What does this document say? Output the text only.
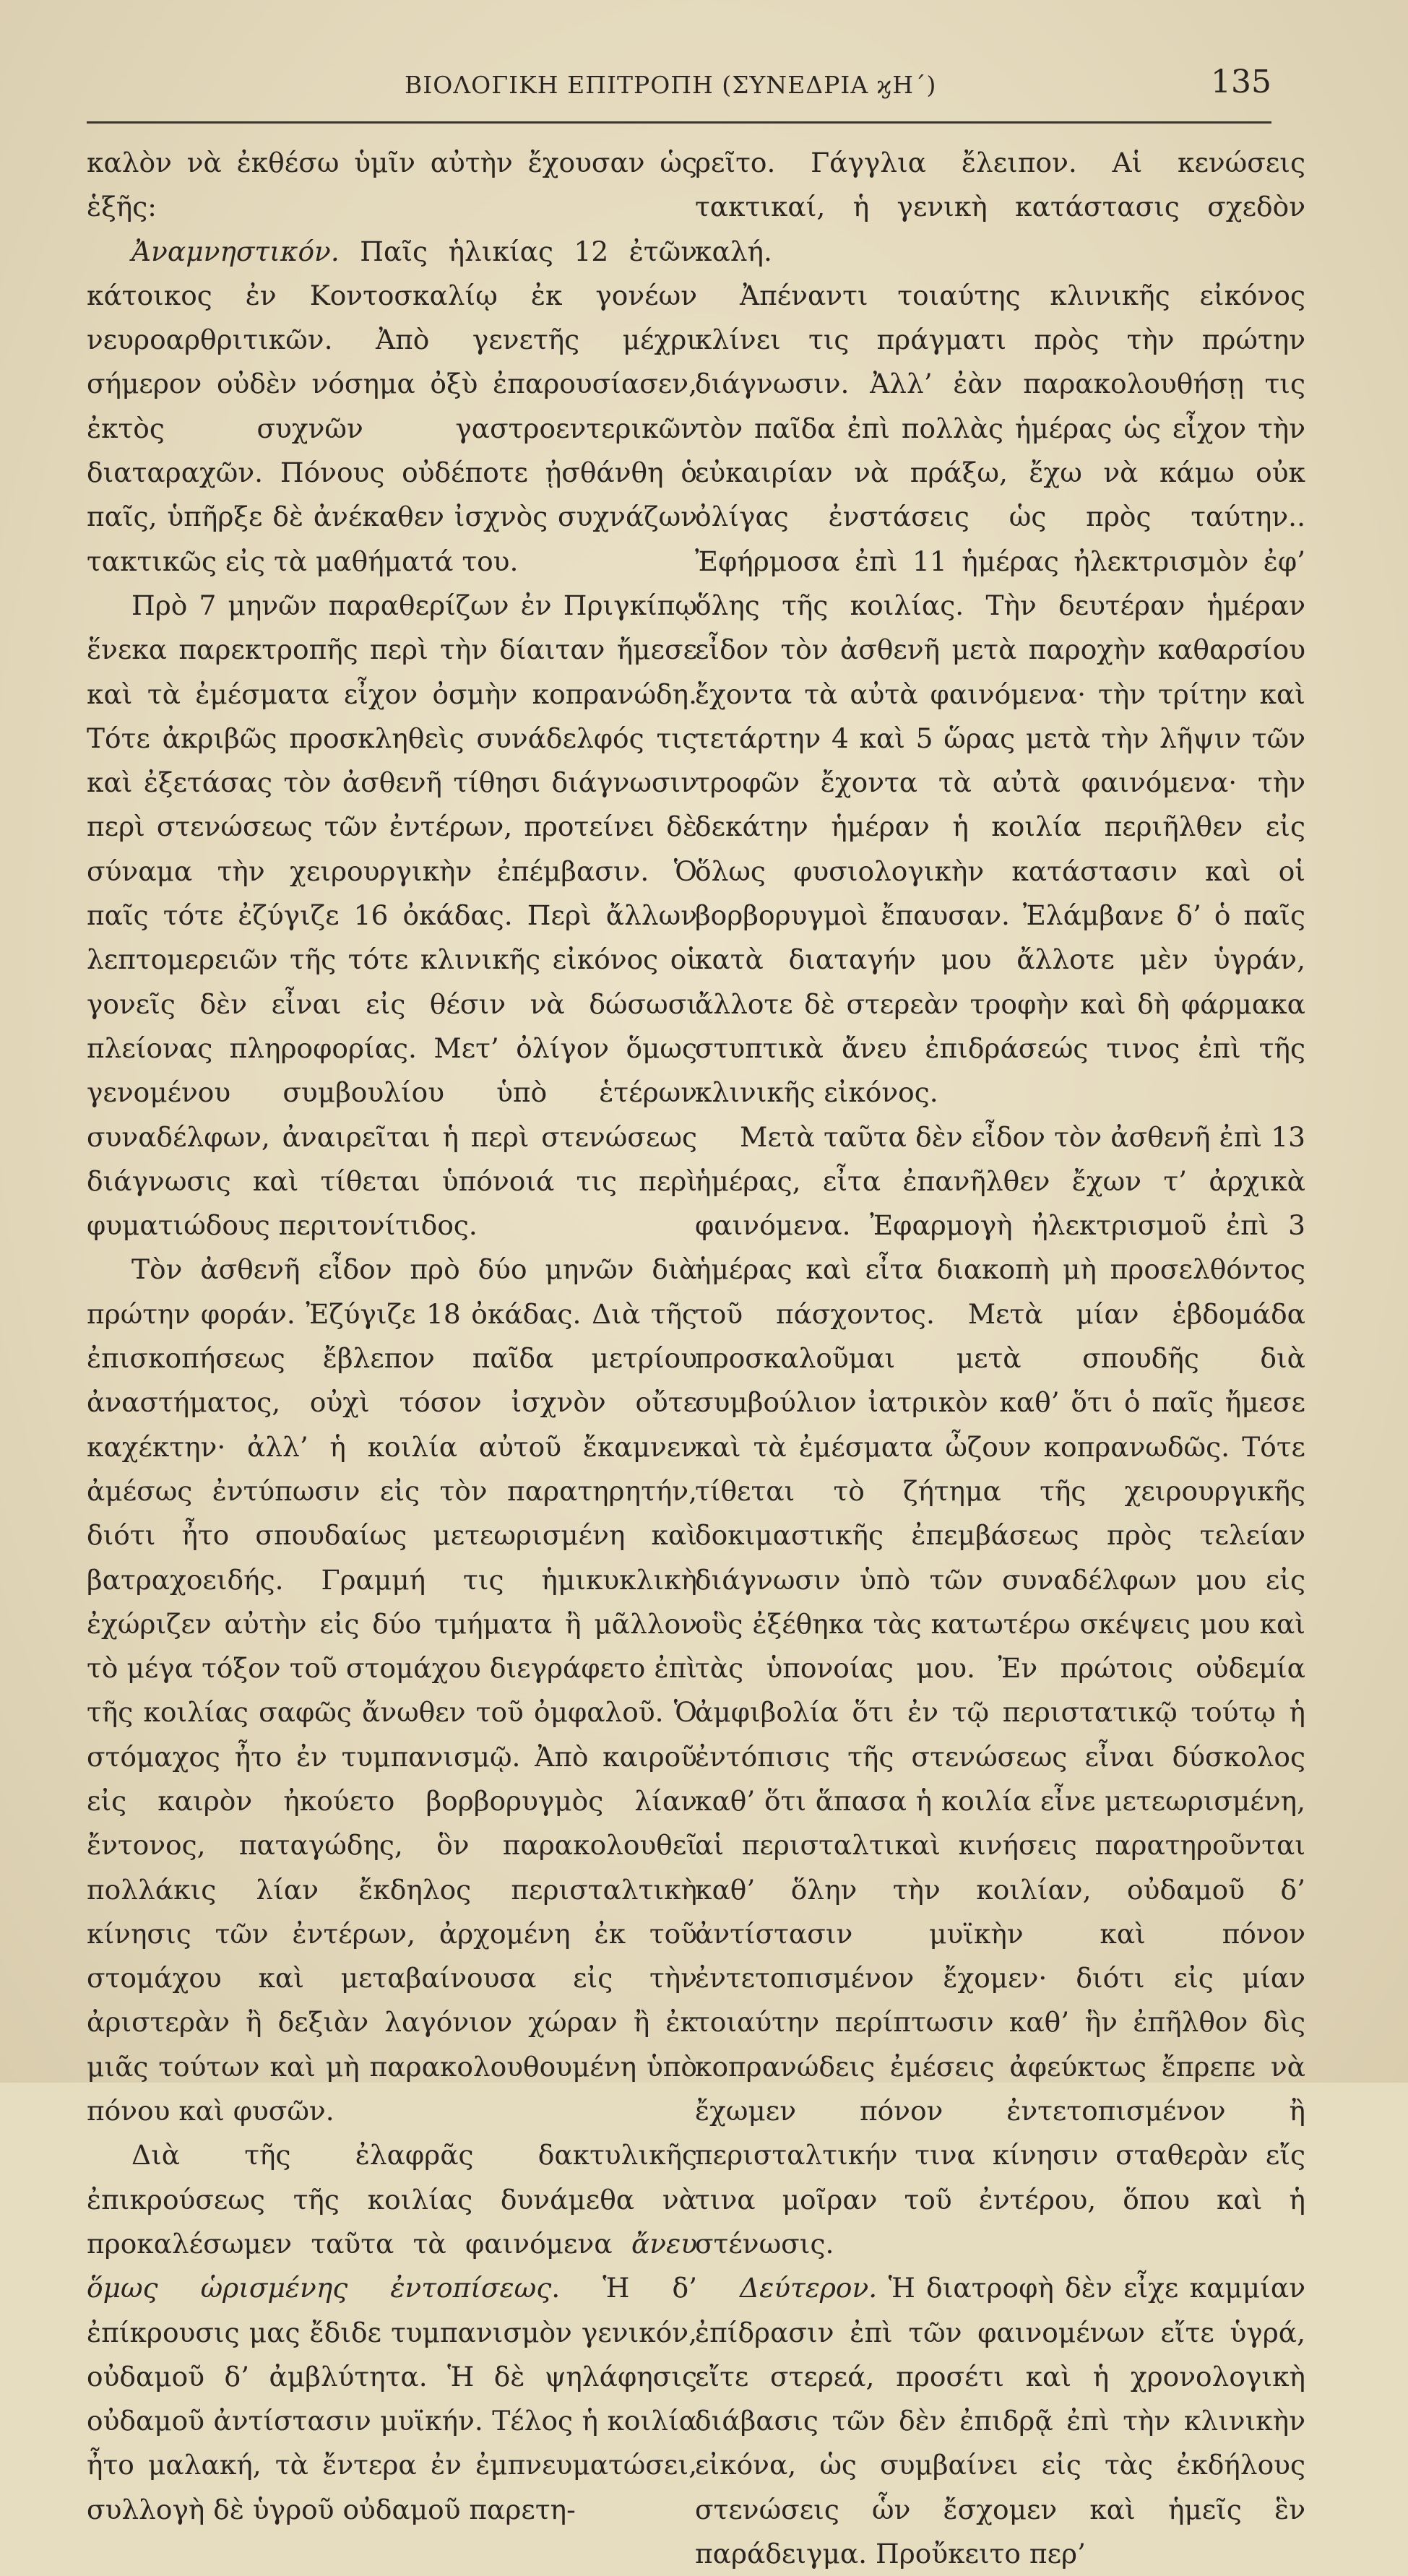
ΒΙΟΛΟΓΙΚΗ ΕΠΙΤΡΟΠΗ (ΣΥΝΕΔΡΙΑ ϗΗ΄)	135

καλὸν νὰ ἐκθέσω ὑμῖν αὐτὴν ἔχουσαν ὡς ἑξῆς:

Ἀναμνηστικόν. Παῖς ἡλικίας 12 ἐτῶν κάτοικος ἐν Κοντοσκαλίῳ ἐκ γονέων νευροαρθριτικῶν. Ἀπὸ γενετῆς μέχρι σήμερον οὐδὲν νόσημα ὀξὺ ἐπαρουσίασεν, ἐκτὸς συχνῶν γαστροεντερικῶν διαταραχῶν. Πόνους οὐδέποτε ᾐσθάνθη ὁ παῖς, ὑπῆρξε δὲ ἀνέκαθεν ἰσχνὸς συχνάζων τακτικῶς εἰς τὰ μαθήματά του.

Πρὸ 7 μηνῶν παραθερίζων ἐν Πριγκίπῳ ἕνεκα παρεκτροπῆς περὶ τὴν δίαιταν ἤμεσε καὶ τὰ ἐμέσματα εἶχον ὀσμὴν κοπρανώδη. Τότε ἀκριβῶς προσκληθεὶς συνάδελφός τις καὶ ἐξετάσας τὸν ἀσθενῆ τίθησι διάγνωσιν περὶ στενώσεως τῶν ἐντέρων, προτείνει δὲ σύναμα τὴν χειρουργικὴν ἐπέμβασιν. Ὁ παῖς τότε ἐζύγιζε 16 ὀκάδας. Περὶ ἄλλων λεπτομερειῶν τῆς τότε κλινικῆς εἰκόνος οἱ γονεῖς δὲν εἶναι εἰς θέσιν νὰ δώσωσι πλείονας πληροφορίας. Μετ’ ὀλίγον ὅμως γενομένου συμβουλίου ὑπὸ ἑτέρων συναδέλφων, ἀναιρεῖται ἡ περὶ στενώσεως διάγνωσις καὶ τίθεται ὑπόνοιά τις περὶ φυματιώδους περιτονίτιδος.

Τὸν ἀσθενῆ εἶδον πρὸ δύο μηνῶν διὰ πρώτην φοράν. Ἐζύγιζε 18 ὀκάδας. Διὰ τῆς ἐπισκοπήσεως ἔβλεπον παῖδα μετρίου ἀναστήματος, οὐχὶ τόσον ἰσχνὸν οὔτε καχέκτην· ἀλλ’ ἡ κοιλία αὐτοῦ ἔκαμνεν ἀμέσως ἐντύπωσιν εἰς τὸν παρατηρητήν, διότι ἦτο σπουδαίως μετεωρισμένη καὶ βατραχοειδής. Γραμμή τις ἡμικυκλικὴ ἐχώριζεν αὐτὴν εἰς δύο τμήματα ἢ μᾶλλον τὸ μέγα τόξον τοῦ στομάχου διεγράφετο ἐπὶ τῆς κοιλίας σαφῶς ἄνωθεν τοῦ ὀμφαλοῦ. Ὁ στόμαχος ἦτο ἐν τυμπανισμῷ. Ἀπὸ καιροῦ εἰς καιρὸν ἠκούετο βορβορυγμὸς λίαν ἔντονος, παταγώδης, ὃν παρακολουθεῖ πολλάκις λίαν ἔκδηλος περισταλτικὴ κίνησις τῶν ἐντέρων, ἀρχομένη ἐκ τοῦ στομάχου καὶ μεταβαίνουσα εἰς τὴν ἀριστερὰν ἢ δεξιὰν λαγόνιον χώραν ἢ ἐκ μιᾶς τούτων καὶ μὴ παρακολουθουμένη ὑπὸ πόνου καὶ φυσῶν.

Διὰ τῆς ἐλαφρᾶς δακτυλικῆς ἐπικρούσεως τῆς κοιλίας δυνάμεθα νὰ προκαλέσωμεν ταῦτα τὰ φαινόμενα ἄνευ ὅμως ὡρισμένης ἐντοπίσεως. Ἡ δ’ ἐπίκρουσις μας ἔδιδε τυμπανισμὸν γενικόν, οὐδαμοῦ δ’ ἀμβλύτητα. Ἡ δὲ ψηλάφησις οὐδαμοῦ ἀντίστασιν μυϊκήν. Τέλος ἡ κοιλία ἦτο μαλακή, τὰ ἔντερα ἐν ἐμπνευματώσει, συλλογὴ δὲ ὑγροῦ οὐδαμοῦ παρετη-

ρεῖτο. Γάγγλια ἔλειπον. Αἱ κενώσεις τακτικαί, ἡ γενικὴ κατάστασις σχεδὸν καλή.

Ἀπέναντι τοιαύτης κλινικῆς εἰκόνος κλίνει τις πράγματι πρὸς τὴν πρώτην διάγνωσιν. Ἀλλ’ ἐὰν παρακολουθήσῃ τις τὸν παῖδα ἐπὶ πολλὰς ἡμέρας ὡς εἶχον τὴν εὐκαιρίαν νὰ πράξω, ἔχω νὰ κάμω οὐκ ὀλίγας ἐνστάσεις ὡς πρὸς ταύτην.. Ἐφήρμοσα ἐπὶ 11 ἡμέρας ἠλεκτρισμὸν ἐφ’ ὅλης τῆς κοιλίας. Τὴν δευτέραν ἡμέραν εἶδον τὸν ἀσθενῆ μετὰ παροχὴν καθαρσίου ἔχοντα τὰ αὐτὰ φαινόμενα· τὴν τρίτην καὶ τετάρτην 4 καὶ 5 ὥρας μετὰ τὴν λῆψιν τῶν τροφῶν ἔχοντα τὰ αὐτὰ φαινόμενα· τὴν δεκάτην ἡμέραν ἡ κοιλία περιῆλθεν εἰς ὅλως φυσιολογικὴν κατάστασιν καὶ οἱ βορβορυγμοὶ ἔπαυσαν. Ἐλάμβανε δ’ ὁ παῖς κατὰ διαταγήν μου ἄλλοτε μὲν ὑγράν, ἄλλοτε δὲ στερεὰν τροφὴν καὶ δὴ φάρμακα στυπτικὰ ἄνευ ἐπιδράσεώς τινος ἐπὶ τῆς κλινικῆς εἰκόνος.

Μετὰ ταῦτα δὲν εἶδον τὸν ἀσθενῆ ἐπὶ 13 ἡμέρας, εἶτα ἐπανῆλθεν ἔχων τ’ ἀρχικὰ φαινόμενα. Ἐφαρμογὴ ἠλεκτρισμοῦ ἐπὶ 3 ἡμέρας καὶ εἶτα διακοπὴ μὴ προσελθόντος τοῦ πάσχοντος. Μετὰ μίαν ἑβδομάδα προσκαλοῦμαι μετὰ σπουδῆς διὰ συμβούλιον ἰατρικὸν καθ’ ὅτι ὁ παῖς ἤμεσε καὶ τὰ ἐμέσματα ὦζουν κοπρανωδῶς. Τότε τίθεται τὸ ζήτημα τῆς χειρουργικῆς δοκιμαστικῆς ἐπεμβάσεως πρὸς τελείαν διάγνωσιν ὑπὸ τῶν συναδέλφων μου εἰς οὓς ἐξέθηκα τὰς κατωτέρω σκέψεις μου καὶ τὰς ὑπονοίας μου. Ἐν πρώτοις οὐδεμία ἀμφιβολία ὅτι ἐν τῷ περιστατικῷ τούτῳ ἡ ἐντόπισις τῆς στενώσεως εἶναι δύσκολος καθ’ ὅτι ἅπασα ἡ κοιλία εἶνε μετεωρισμένη, αἱ περισταλτικαὶ κινήσεις παρατηροῦνται καθ’ ὅλην τὴν κοιλίαν, οὐδαμοῦ δ’ ἀντίστασιν μυϊκὴν καὶ πόνον ἐντετοπισμένον ἔχομεν· διότι εἰς μίαν τοιαύτην περίπτωσιν καθ’ ἣν ἐπῆλθον δὶς κοπρανώδεις ἐμέσεις ἀφεύκτως ἔπρεπε νὰ ἔχωμεν πόνον ἐντετοπισμένον ἢ περισταλτικήν τινα κίνησιν σταθερὰν εἴς τινα μοῖραν τοῦ ἐντέρου, ὅπου καὶ ἡ στένωσις.

Δεύτερον. Ἡ διατροφὴ δὲν εἶχε καμμίαν ἐπίδρασιν ἐπὶ τῶν φαινομένων εἴτε ὑγρά, εἴτε στερεά, προσέτι καὶ ἡ χρονολογικὴ διάβασις τῶν δὲν ἐπιδρᾷ ἐπὶ τὴν κλινικὴν εἰκόνα, ὡς συμβαίνει εἰς τὰς ἐκδήλους στενώσεις ὧν ἔσχομεν καὶ ἡμεῖς ἓν παράδειγμα. Προὔκειτο περ’
